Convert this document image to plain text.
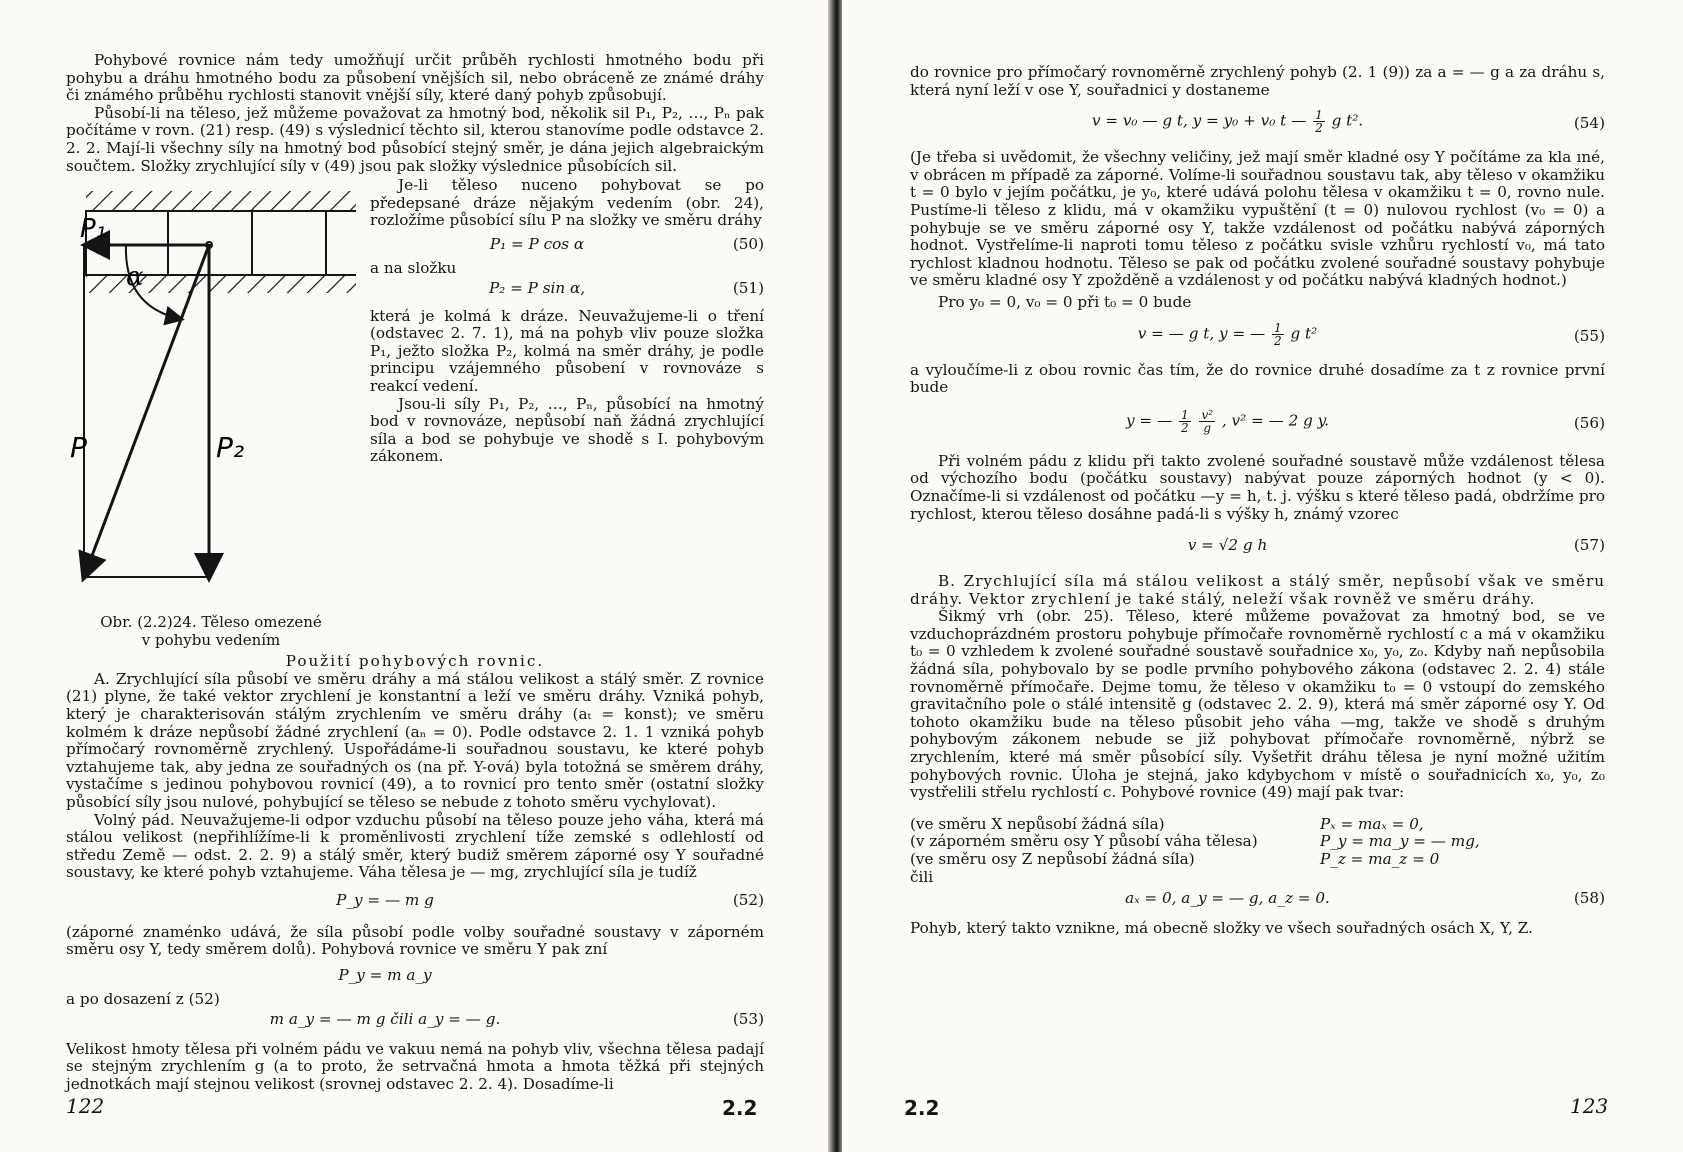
Pohybové rovnice nám tedy umožňují určit průběh rychlosti hmotného bodu při pohybu a dráhu hmotného bodu za působení vnějších sil, nebo obráceně ze známé dráhy či známého průběhu rychlosti stanovit vnější síly, které daný pohyb způsobují.

Působí-li na těleso, jež můžeme považovat za hmotný bod, několik sil P₁, P₂, …, Pₙ pak počítáme v rovn. (21) resp. (49) s výslednicí těchto sil, kterou stanovíme podle odstavce 2. 2. 2. Mají-li všechny síly na hmotný bod působící stejný směr, je dána jejich algebraickým součtem. Složky zrychlující síly v (49) jsou pak složky výslednice působících sil.

P₁
α
P	P₂
Obr. (2.2)24. Těleso omezené
v pohybu vedením

Je-li těleso nuceno pohybovat se po předepsané dráze nějakým vedením (obr. 24), rozložíme působící sílu P na složky ve směru dráhy

P₁ = P cos α	(50)

a na složku

P₂ = P sin α,	(51)

která je kolmá k dráze. Neuvažujeme-li o tření (odstavec 2. 7. 1), má na pohyb vliv pouze složka P₁, ježto složka P₂, kolmá na směr dráhy, je podle principu vzájemného působení v rovnováze s reakcí vedení.

Jsou-li síly P₁, P₂, …, Pₙ, působící na hmotný bod v rovnováze, nepůsobí naň žádná zrychlující síla a bod se pohybuje ve shodě s I. pohybovým zákonem.

Použití pohybových rovnic.

A. Zrychlující síla působí ve směru dráhy a má stálou velikost a stálý směr. Z rovnice (21) plyne, že také vektor zrychlení je konstantní a leží ve směru dráhy. Vzniká pohyb, který je charakterisován stálým zrychlením ve směru dráhy (aₜ = konst); ve směru kolmém k dráze nepůsobí žádné zrychlení (aₙ = 0). Podle odstavce 2. 1. 1 vzniká pohyb přímočarý rovnoměrně zrychlený. Uspořádáme-li souřadnou soustavu, ke které pohyb vztahujeme tak, aby jedna ze souřadných os (na př. Y-ová) byla totožná se směrem dráhy, vystačíme s jedinou pohybovou rovnicí (49), a to rovnicí pro tento směr (ostatní složky působící síly jsou nulové, pohybující se těleso se nebude z tohoto směru vychylovat).

Volný pád. Neuvažujeme-li odpor vzduchu působí na těleso pouze jeho váha, která má stálou velikost (nepřihlížíme-li k proměnlivosti zrychlení tíže zemské s odlehlostí od středu Země — odst. 2. 2. 9) a stálý směr, který budiž směrem záporné osy Y souřadné soustavy, ke které pohyb vztahujeme. Váha tělesa je — mg, zrychlující síla je tudíž

P_y = — m g	(52)

(záporné znaménko udává, že síla působí podle volby souřadné soustavy v záporném směru osy Y, tedy směrem dolů). Pohybová rovnice ve směru Y pak zní

P_y = m a_y

a po dosazení z (52)

m a_y = — m g čili a_y = — g.	(53)

Velikost hmoty tělesa při volném pádu ve vakuu nemá na pohyb vliv, všechna tělesa padají se stejným zrychlením g (a to proto, že setrvačná hmota a hmota těžká při stejných jednotkách mají stejnou velikost (srovnej odstavec 2. 2. 4). Dosadíme-li

122	2.2

do rovnice pro přímočarý rovnoměrně zrychlený pohyb (2. 1 (9)) za a = — g a za dráhu s, která nyní leží v ose Y, souřadnici y dostaneme

v = v₀ — g t, y = y₀ + v₀ t — $\frac{1}{2}$ g t².	(54)

(Je třeba si uvědomit, že všechny veličiny, jež mají směr kladné osy Y počítáme za kla ıné, v obrácen m případě za záporné. Volíme-li souřadnou soustavu tak, aby těleso v okamžiku t = 0 bylo v jejím počátku, je y₀, které udává polohu tělesa v okamžiku t = 0, rovno nule. Pustíme-li těleso z klidu, má v okamžiku vypuštění (t = 0) nulovou rychlost (v₀ = 0) a pohybuje se ve směru záporné osy Y, takže vzdálenost od počátku nabývá záporných hodnot. Vystřelíme-li naproti tomu těleso z počátku svisle vzhůru rychlostí v₀, má tato rychlost kladnou hodnotu. Těleso se pak od počátku zvolené souřadné soustavy pohybuje ve směru kladné osy Y zpožděně a vzdálenost y od počátku nabývá kladných hodnot.)

Pro y₀ = 0, v₀ = 0 při t₀ = 0 bude

v = — g t, y = — $\frac{1}{2}$ g t²	(55)

a vyloučíme-li z obou rovnic čas tím, že do rovnice druhé dosadíme za t z rovnice první bude

y = — $\frac{1}{2}$
$\frac{\text{v²}}{g}$ , v² = — 2 g y.	(56)

Při volném pádu z klidu při takto zvolené souřadné soustavě může vzdálenost tělesa od výchozího bodu (počátku soustavy) nabývat pouze záporných hodnot (y < 0). Označíme-li si vzdálenost od počátku —y = h, t. j. výšku s které těleso padá, obdržíme pro rychlost, kterou těleso dosáhne padá-li s výšky h, známý vzorec

v = √2 g h	(57)

B. Zrychlující síla má stálou velikost a stálý směr, nepůsobí však ve směru dráhy. Vektor zrychlení je také stálý, neleží však rovněž ve směru dráhy.

Šikmý vrh (obr. 25). Těleso, které můžeme považovat za hmotný bod, se ve vzduchoprázdném prostoru pohybuje přímočaře rovnoměrně rychlostí c a má v okamžiku t₀ = 0 vzhledem k zvolené souřadné soustavě souřadnice x₀, y₀, z₀. Kdyby naň nepůsobila žádná síla, pohybovalo by se podle prvního pohybového zákona (odstavec 2. 2. 4) stále rovnoměrně přímočaře. Dejme tomu, že těleso v okamžiku t₀ = 0 vstoupí do zemského gravitačního pole o stálé intensitě g (odstavec 2. 2. 9), která má směr záporné osy Y. Od tohoto okamžiku bude na těleso působit jeho váha —mg, takže ve shodě s druhým pohybovým zákonem nebude se již pohybovat přímočaře rovnoměrně, nýbrž se zrychlením, které má směr působící síly. Vyšetřit dráhu tělesa je nyní možné užitím pohybových rovnic. Úloha je stejná, jako kdybychom v místě o souřadnicích x₀, y₀, z₀ vystřelili střelu rychlostí c. Pohybové rovnice (49) mají pak tvar:

(ve směru X nepůsobí žádná síla)	Pₓ = maₓ = 0,
(v záporném směru osy Y působí váha tělesa)	P_y = ma_y = — mg,
(ve směru osy Z nepůsobí žádná síla)	P_z = ma_z = 0
čili
aₓ = 0, a_y = — g, a_z = 0.	(58)

Pohyb, který takto vznikne, má obecně složky ve všech souřadných osách X, Y, Z.

2.2	123
